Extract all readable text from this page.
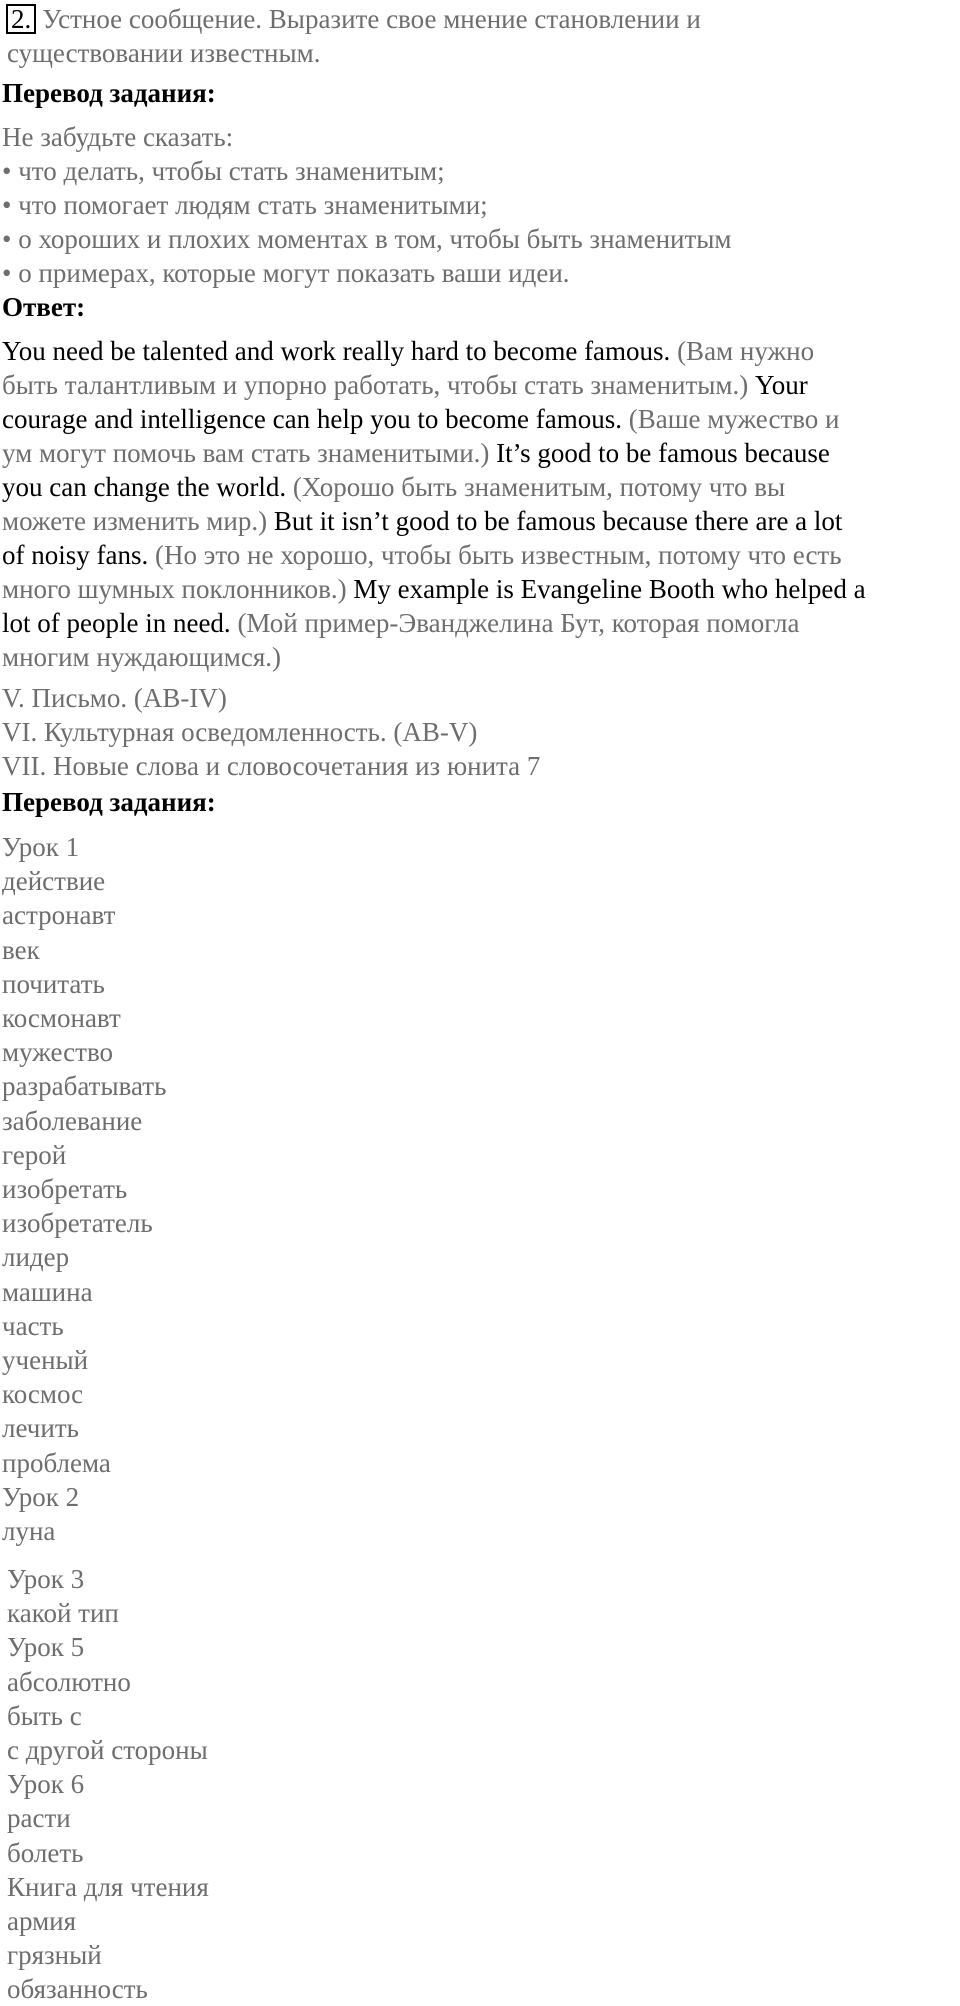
2. Устное сообщение. Выразите свое мнение становлении и
существовании известным.
Перевод задания:
Не забудьте сказать:
• что делать, чтобы стать знаменитым;
• что помогает людям стать знаменитыми;
• о хороших и плохих моментах в том, чтобы быть знаменитым
• о примерах, которые могут показать ваши идеи.
Ответ:
You need be talented and work really hard to become famous. (Вам нужно
быть талантливым и упорно работать, чтобы стать знаменитым.) Your
courage and intelligence can help you to become famous. (Ваше мужество и
ум могут помочь вам стать знаменитыми.) It’s good to be famous because
you can change the world. (Хорошо быть знаменитым, потому что вы
можете изменить мир.) But it isn’t good to be famous because there are a lot
of noisy fans. (Но это не хорошо, чтобы быть известным, потому что есть
много шумных поклонников.) My example is Evangeline Booth who helped a
lot of people in need. (Мой пример-Эванджелина Бут, которая помогла
многим нуждающимся.)
V. Письмо. (AB-IV)
VI. Культурная осведомленность. (AB-V)
VII. Новые слова и словосочетания из юнита 7
Перевод задания:
Урок 1
действие
астронавт
век
почитать
космонавт
мужество
разрабатывать
заболевание
герой
изобретать
изобретатель
лидер
машина
часть
ученый
космос
лечить
проблема
Урок 2
луна
Урок 3
какой тип
Урок 5
абсолютно
быть с
с другой стороны
Урок 6
расти
болеть
Книга для чтения
армия
грязный
обязанность
